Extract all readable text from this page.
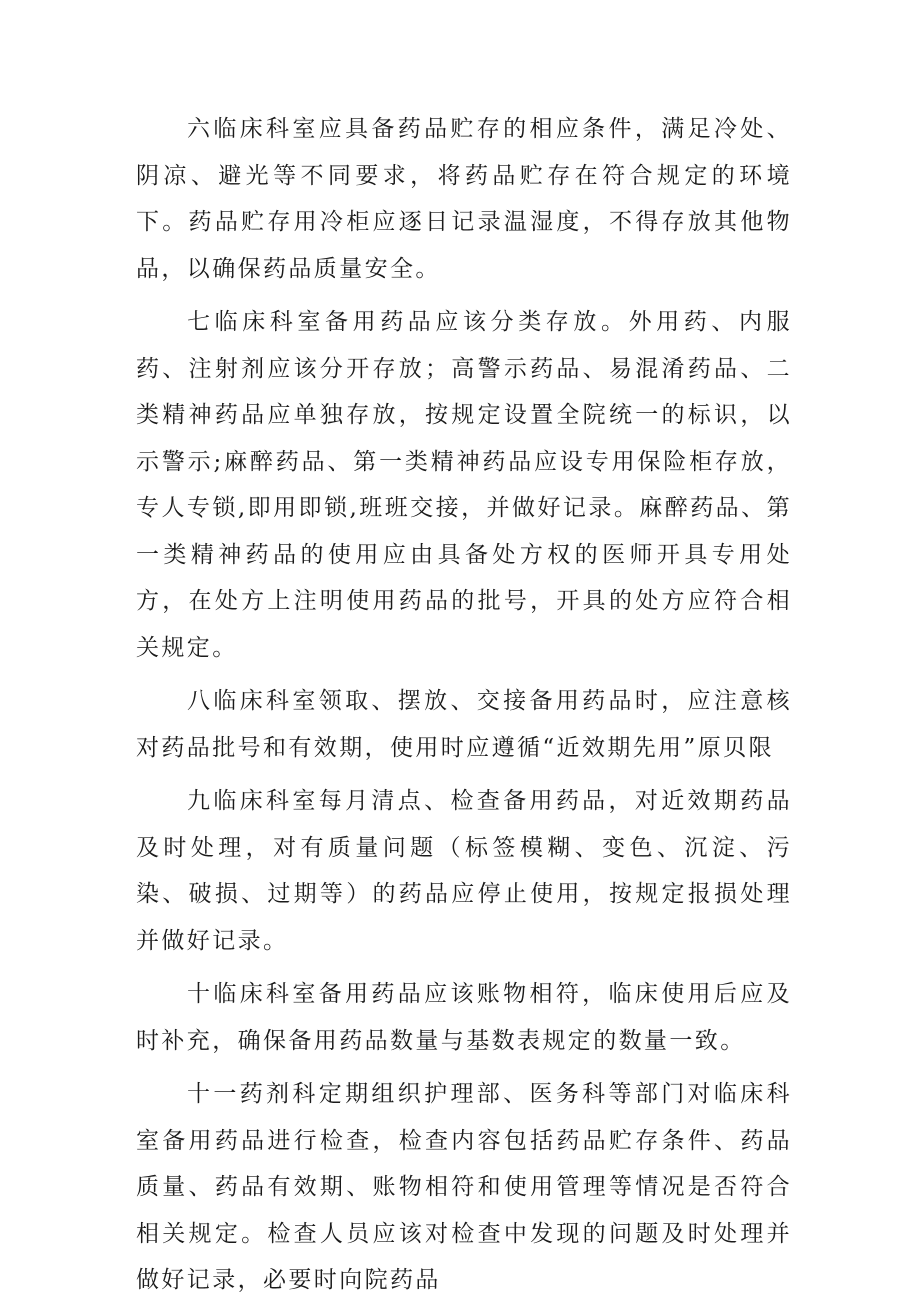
六临床科室应具备药品贮存的相应条件，满足冷处、阴凉、避光等不同要求，将药品贮存在符合规定的环境下。药品贮存用冷柜应逐日记录温湿度，不得存放其他物品，以确保药品质量安全。

七临床科室备用药品应该分类存放。外用药、内服药、注射剂应该分开存放；高警示药品、易混淆药品、二类精神药品应单独存放，按规定设置全院统一的标识，以示警示;麻醉药品、第一类精神药品应设专用保险柜存放，专人专锁,即用即锁,班班交接，并做好记录。麻醉药品、第一类精神药品的使用应由具备处方权的医师开具专用处方，在处方上注明使用药品的批号，开具的处方应符合相关规定。

八临床科室领取、摆放、交接备用药品时，应注意核对药品批号和有效期，使用时应遵循“近效期先用”原贝限

九临床科室每月清点、检查备用药品，对近效期药品及时处理，对有质量问题（标签模糊、变色、沉淀、污染、破损、过期等）的药品应停止使用，按规定报损处理并做好记录。

十临床科室备用药品应该账物相符，临床使用后应及时补充，确保备用药品数量与基数表规定的数量一致。

十一药剂科定期组织护理部、医务科等部门对临床科室备用药品进行检查，检查内容包括药品贮存条件、药品质量、药品有效期、账物相符和使用管理等情况是否符合相关规定。检查人员应该对检查中发现的问题及时处理并做好记录，必要时向院药品
